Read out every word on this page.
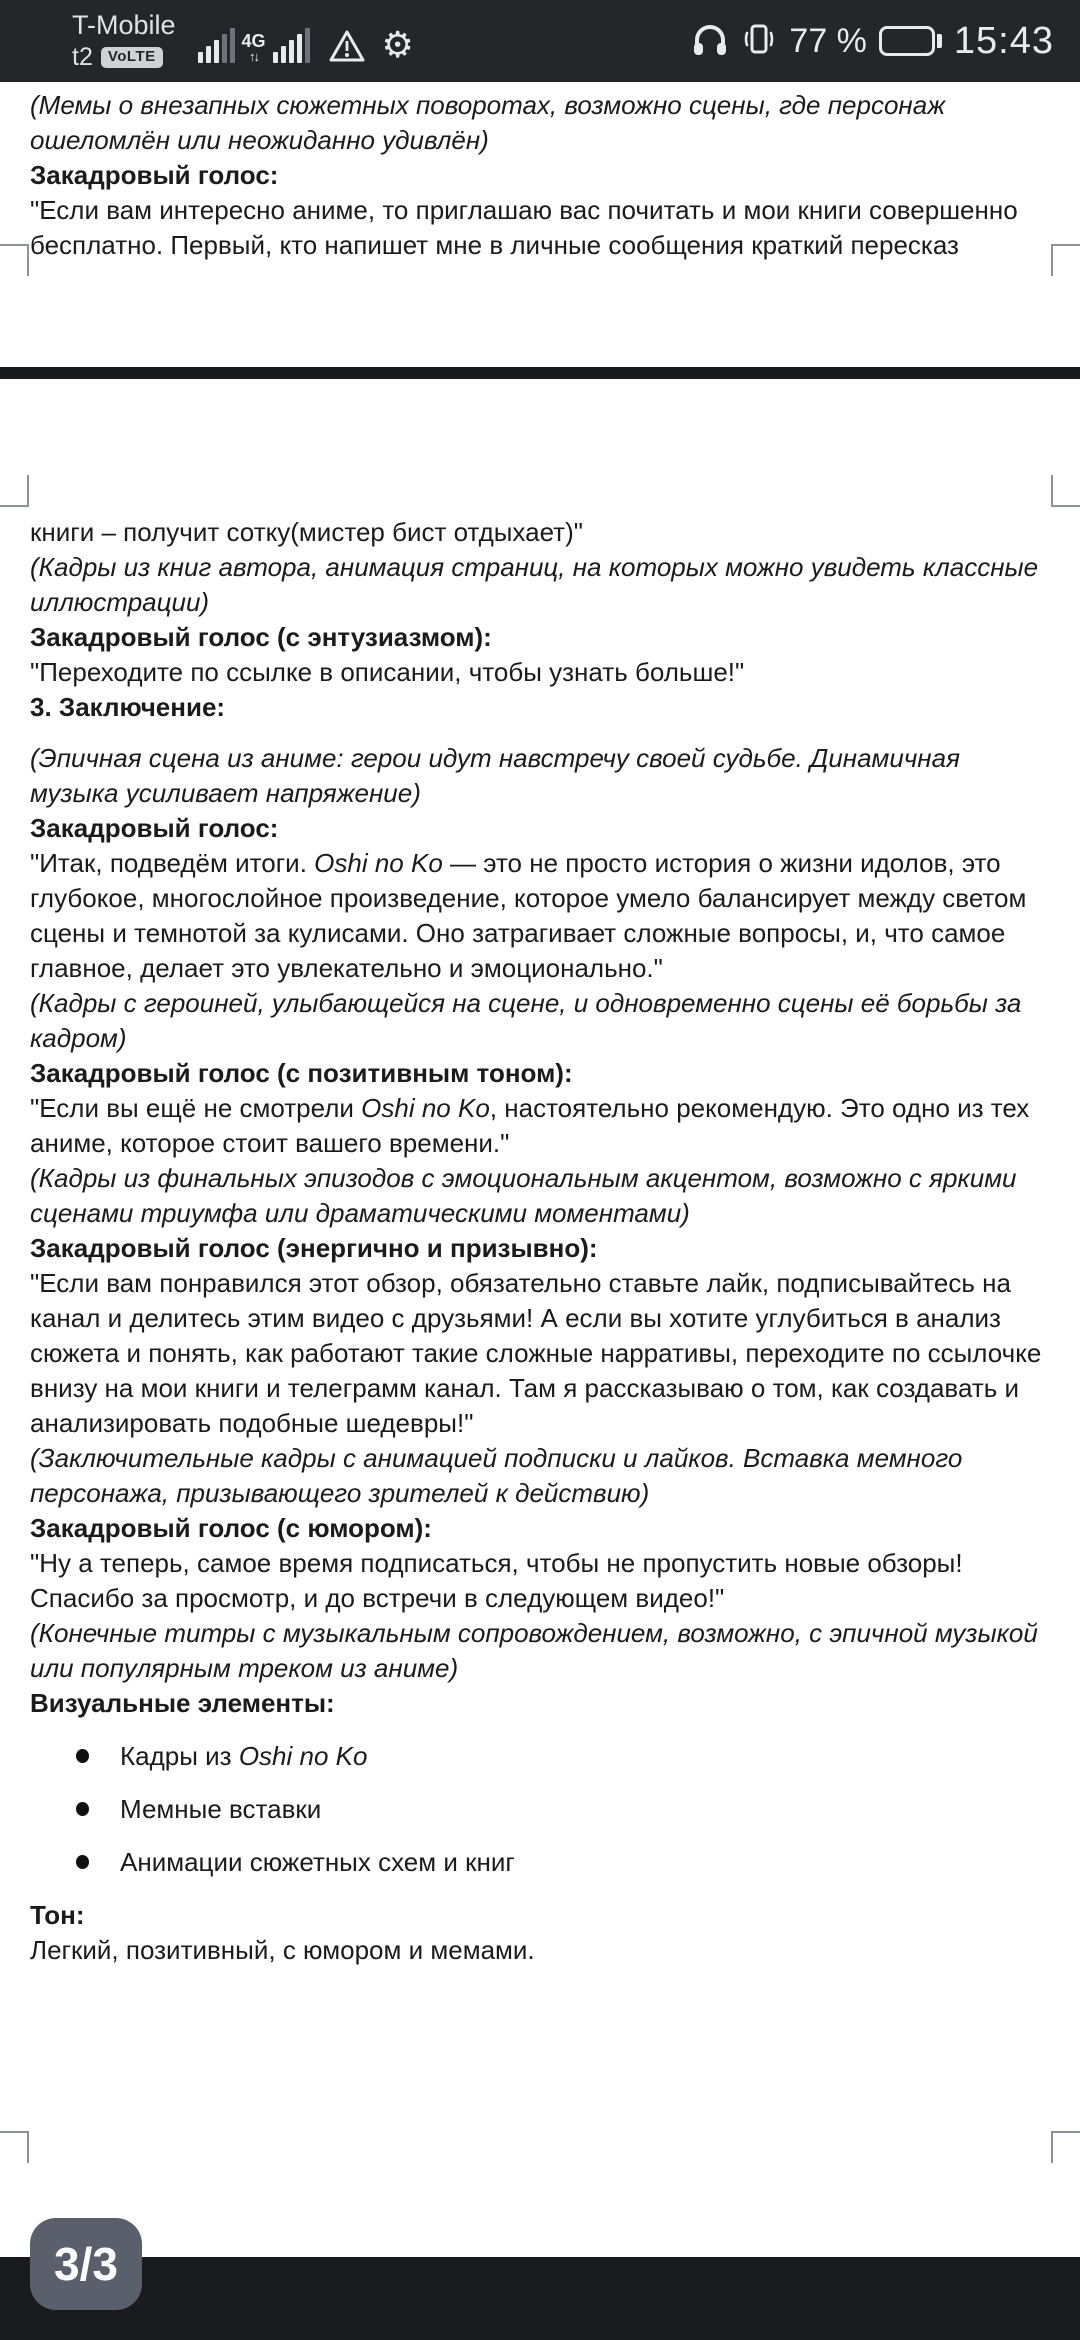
T-Mobile
t2	VoLTE
4G
↑↓	⚙	77 % 15:43

(Мемы о внезапных сюжетных поворотах, возможно сцены, где персонаж ошеломлён или неожиданно удивлён)

Закадровый голос:

"Если вам интересно аниме, то приглашаю вас почитать и мои книги совершенно бесплатно. Первый, кто напишет мне в личные сообщения краткий пересказ

книги – получит сотку(мистер бист отдыхает)"

(Кадры из книг автора, анимация страниц, на которых можно увидеть классные иллюстрации)

Закадровый голос (с энтузиазмом):

"Переходите по ссылке в описании, чтобы узнать больше!"

3. Заключение:

(Эпичная сцена из аниме: герои идут навстречу своей судьбе. Динамичная музыка усиливает напряжение)

Закадровый голос:

"Итак, подведём итоги. Oshi no Ko — это не просто история о жизни идолов, это глубокое, многослойное произведение, которое умело балансирует между светом сцены и темнотой за кулисами. Оно затрагивает сложные вопросы, и, что самое главное, делает это увлекательно и эмоционально."

(Кадры с героиней, улыбающейся на сцене, и одновременно сцены её борьбы за кадром)

Закадровый голос (с позитивным тоном):

"Если вы ещё не смотрели Oshi no Ko, настоятельно рекомендую. Это одно из тех аниме, которое стоит вашего времени."

(Кадры из финальных эпизодов с эмоциональным акцентом, возможно с яркими сценами триумфа или драматическими моментами)

Закадровый голос (энергично и призывно):

"Если вам понравился этот обзор, обязательно ставьте лайк, подписывайтесь на канал и делитесь этим видео с друзьями! А если вы хотите углубиться в анализ сюжета и понять, как работают такие сложные нарративы, переходите по ссылочке внизу на мои книги и телеграмм канал. Там я рассказываю о том, как создавать и анализировать подобные шедевры!"

(Заключительные кадры с анимацией подписки и лайков. Вставка мемного персонажа, призывающего зрителей к действию)

Закадровый голос (с юмором):

"Ну а теперь, самое время подписаться, чтобы не пропустить новые обзоры! Спасибо за просмотр, и до встречи в следующем видео!"

(Конечные титры с музыкальным сопровождением, возможно, с эпичной музыкой или популярным треком из аниме)

Визуальные элементы:

Кадры из Oshi no Ko

Мемные вставки

Анимации сюжетных схем и книг

Тон:

Легкий, позитивный, с юмором и мемами.

3/3
